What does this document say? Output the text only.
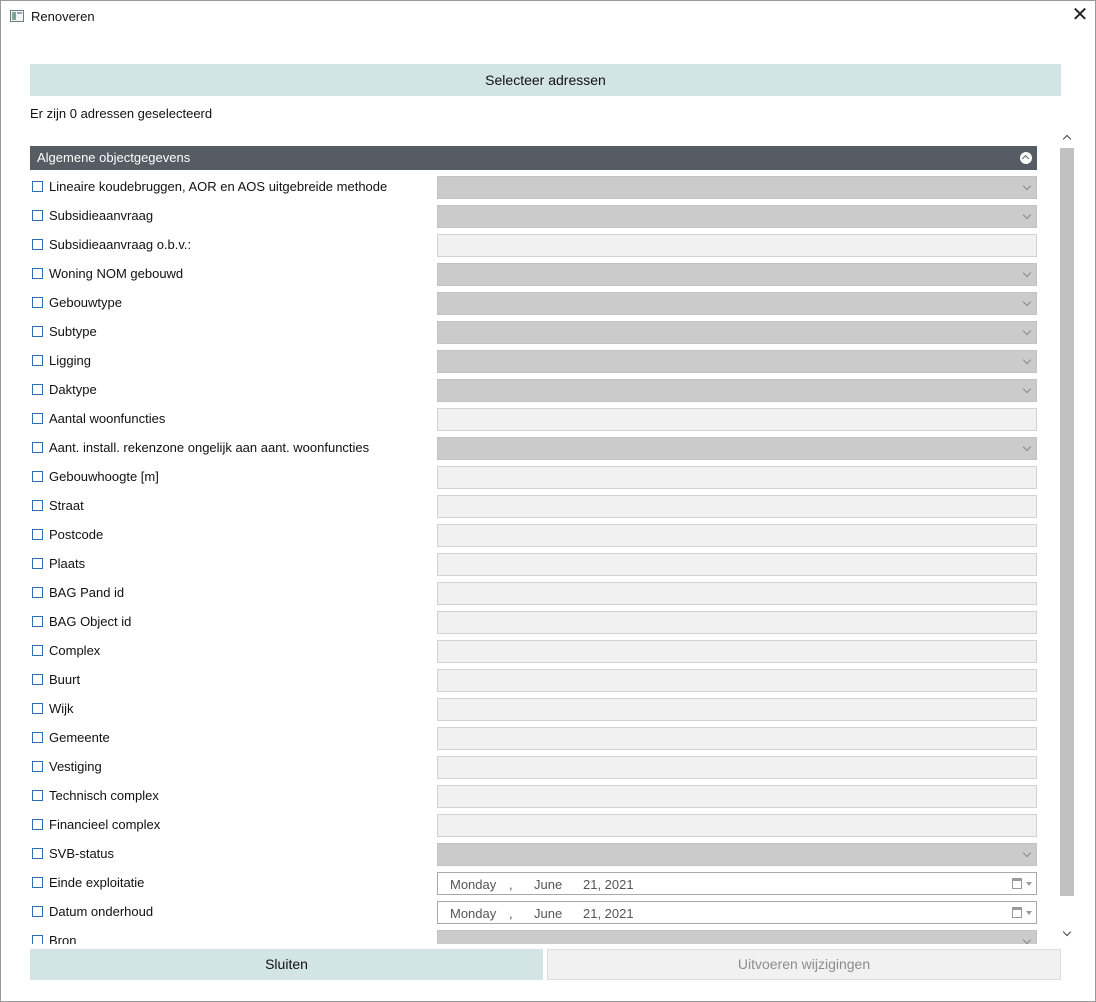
Renoveren	✕
Selecteer adressen
Er zijn 0 adressen geselecteerd
Algemene objectgegevens
Lineaire koudebruggen, AOR en AOS uitgebreide methode
Subsidieaanvraag
Subsidieaanvraag o.b.v.:
Woning NOM gebouwd
Gebouwtype
Subtype
Ligging
Daktype
Aantal woonfuncties
Aant. install. rekenzone ongelijk aan aant. woonfuncties
Gebouwhoogte [m]
Straat
Postcode
Plaats
BAG Pand id
BAG Object id
Complex
Buurt
Wijk
Gemeente
Vestiging
Technisch complex
Financieel complex
SVB-status
Einde exploitatie	Monday , June 21, 2021
Datum onderhoud	Monday , June 21, 2021
Bron
Sluiten	Uitvoeren wijzigingen
